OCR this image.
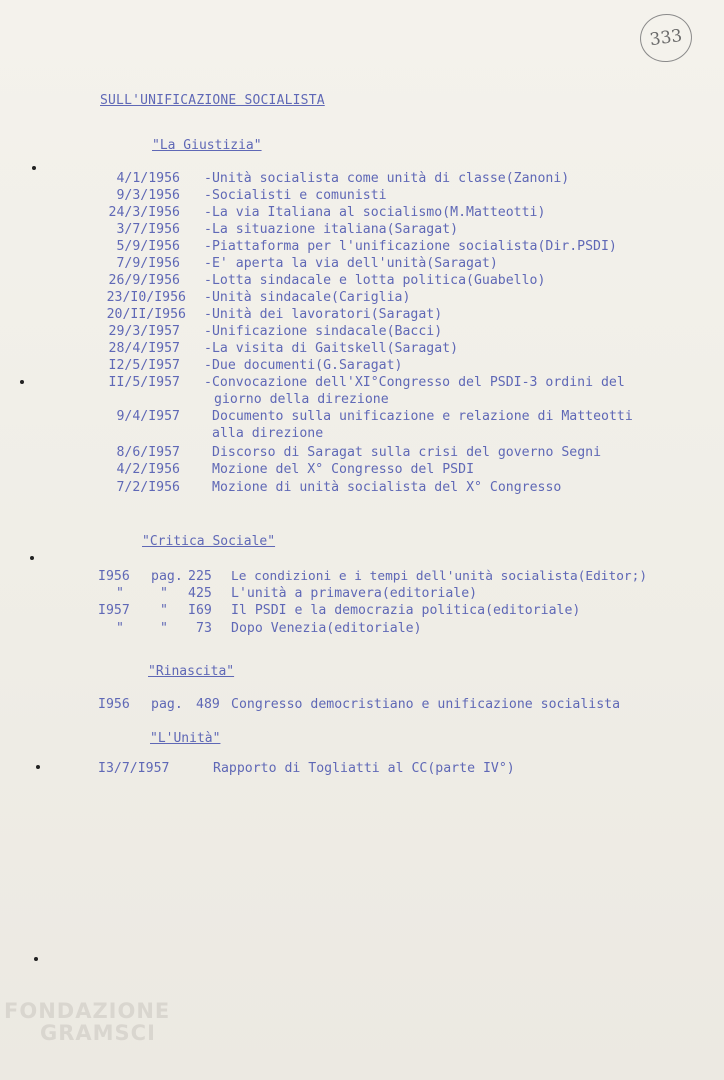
333
SULL'UNIFICAZIONE SOCIALISTA
"La Giustizia"
4/1/1956 -Unità socialista come unità di classe(Zanoni)
9/3/1956 -Socialisti e comunisti
24/3/I956 -La via Italiana al socialismo(M.Matteotti)
3/7/I956 -La situazione italiana(Saragat)
5/9/I956 -Piattaforma per l'unificazione socialista(Dir.PSDI)
7/9/I956 -E' aperta la via dell'unità(Saragat)
26/9/I956 -Lotta sindacale e lotta politica(Guabello)
23/I0/I956 -Unità sindacale(Cariglia)
20/II/I956 -Unità dei lavoratori(Saragat)
29/3/I957 -Unificazione sindacale(Bacci)
28/4/I957 -La visita di Gaitskell(Saragat)
I2/5/I957 -Due documenti(G.Saragat)
II/5/I957 -Convocazione dell'XI°Congresso del PSDI-3 ordini del
giorno della direzione
9/4/I957 Documento sulla unificazione e relazione di Matteotti
alla direzione
8/6/I957 Discorso di Saragat sulla crisi del governo Segni
4/2/I956 Mozione del X° Congresso del PSDI
7/2/I956 Mozione di unità socialista del X° Congresso
"Critica Sociale"
I956 pag. 225 Le condizioni e i tempi dell'unità socialista(Editor;)
"	" 425 L'unità a primavera(editoriale)
I957 " I69 Il PSDI e la democrazia politica(editoriale)
"	" 73 Dopo Venezia(editoriale)
"Rinascita"
I956 pag. 489 Congresso democristiano e unificazione socialista
"L'Unità"
I3/7/I957	Rapporto di Togliatti al CC(parte IV°)
FONDAZIONE
GRAMSCI
